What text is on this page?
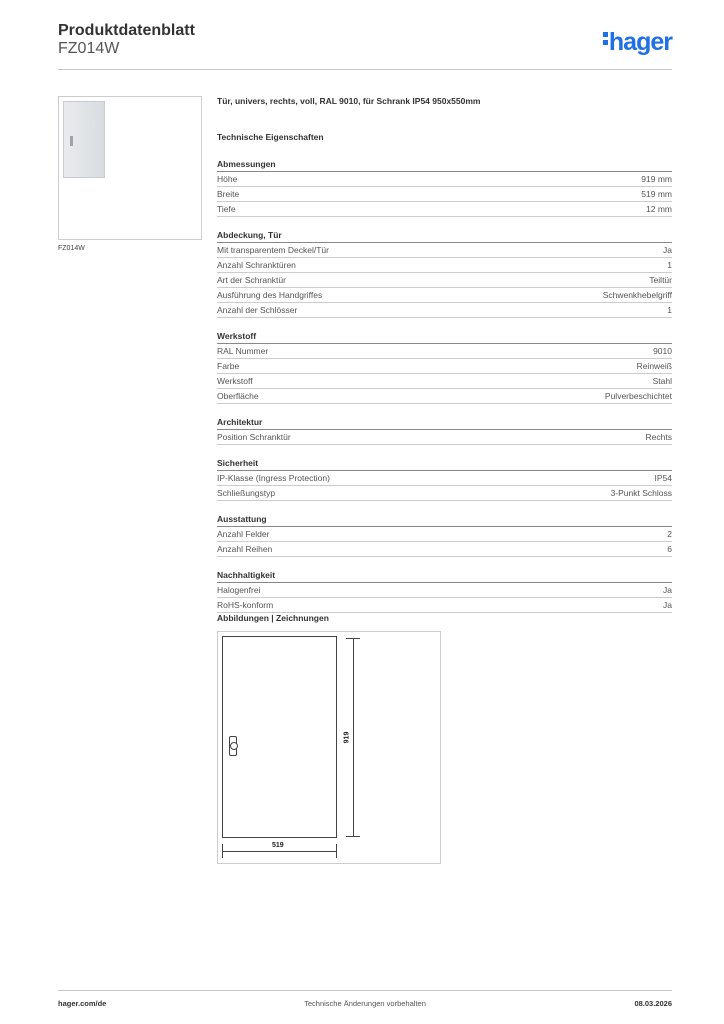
Produktdatenblatt
FZ014W	hager
FZ014W
Tür, univers, rechts, voll, RAL 9010, für Schrank IP54 950x550mm
Technische Eigenschaften
Abmessungen
Höhe	919 mm
Breite	519 mm
Tiefe	12 mm
Abdeckung, Tür
Mit transparentem Deckel/Tür	Ja
Anzahl Schranktüren	1
Art der Schranktür	Teiltür
Ausführung des Handgriffes	Schwenkhebelgriff
Anzahl der Schlösser	1
Werkstoff
RAL Nummer	9010
Farbe	Reinweiß
Werkstoff	Stahl
Oberfläche	Pulverbeschichtet
Architektur
Position Schranktür	Rechts
Sicherheit
IP-Klasse (Ingress Protection)	IP54
Schließungstyp	3-Punkt Schloss
Ausstattung
Anzahl Felder	2
Anzahl Reihen	6
Nachhaltigkeit
Halogenfrei	Ja
RoHS-konform	Ja
Abbildungen | Zeichnungen
919
519
hager.com/de	Technische Änderungen vorbehalten	08.03.2026
